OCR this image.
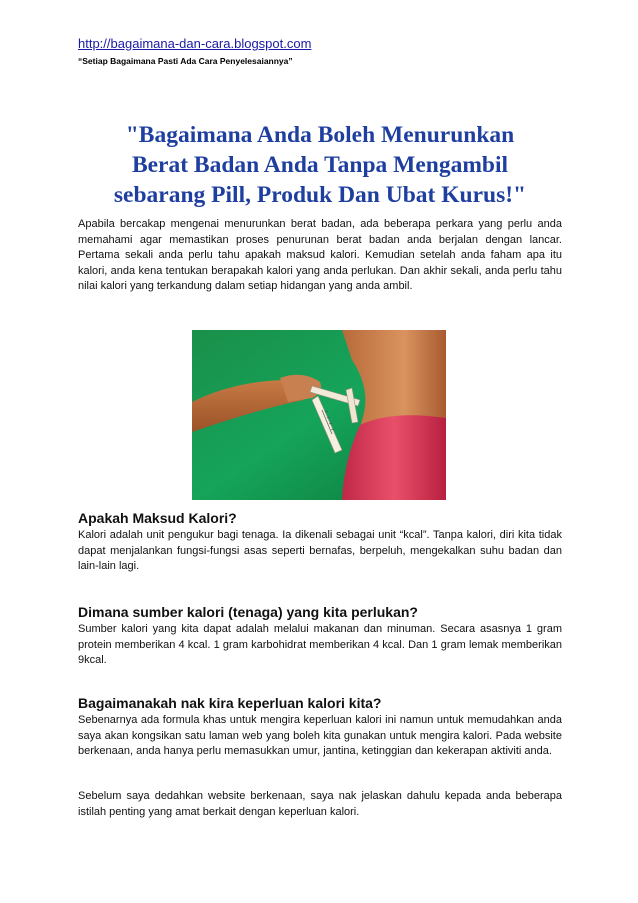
http://bagaimana-dan-cara.blogspot.com
“Setiap Bagaimana Pasti Ada Cara Penyelesaiannya”
"Bagaimana Anda Boleh Menurunkan
Berat Badan Anda Tanpa Mengambil
sebarang Pill, Produk Dan Ubat Kurus!"

Apabila bercakap mengenai menurunkan berat badan, ada beberapa perkara yang perlu anda memahami agar memastikan proses penurunan berat badan anda berjalan dengan lancar. Pertama sekali anda perlu tahu apakah maksud kalori. Kemudian setelah anda faham apa itu kalori, anda kena tentukan berapakah kalori yang anda perlukan. Dan akhir sekali, anda perlu tahu nilai kalori yang terkandung dalam setiap hidangan yang anda ambil.

Apakah Maksud Kalori?

Kalori adalah unit pengukur bagi tenaga. Ia dikenali sebagai unit “kcal”. Tanpa kalori, diri kita tidak dapat menjalankan fungsi-fungsi asas seperti bernafas, berpeluh, mengekalkan suhu badan dan lain-lain lagi.

Dimana sumber kalori (tenaga) yang kita perlukan?

Sumber kalori yang kita dapat adalah melalui makanan dan minuman. Secara asasnya 1 gram protein memberikan 4 kcal. 1 gram karbohidrat memberikan 4 kcal. Dan 1 gram lemak memberikan 9kcal.

Bagaimanakah nak kira keperluan kalori kita?

Sebenarnya ada formula khas untuk mengira keperluan kalori ini namun untuk memudahkan anda saya akan kongsikan satu laman web yang boleh kita gunakan untuk mengira kalori. Pada website berkenaan, anda hanya perlu memasukkan umur, jantina, ketinggian dan kekerapan aktiviti anda.

Sebelum saya dedahkan website berkenaan, saya nak jelaskan dahulu kepada anda beberapa istilah penting yang amat berkait dengan keperluan kalori.
